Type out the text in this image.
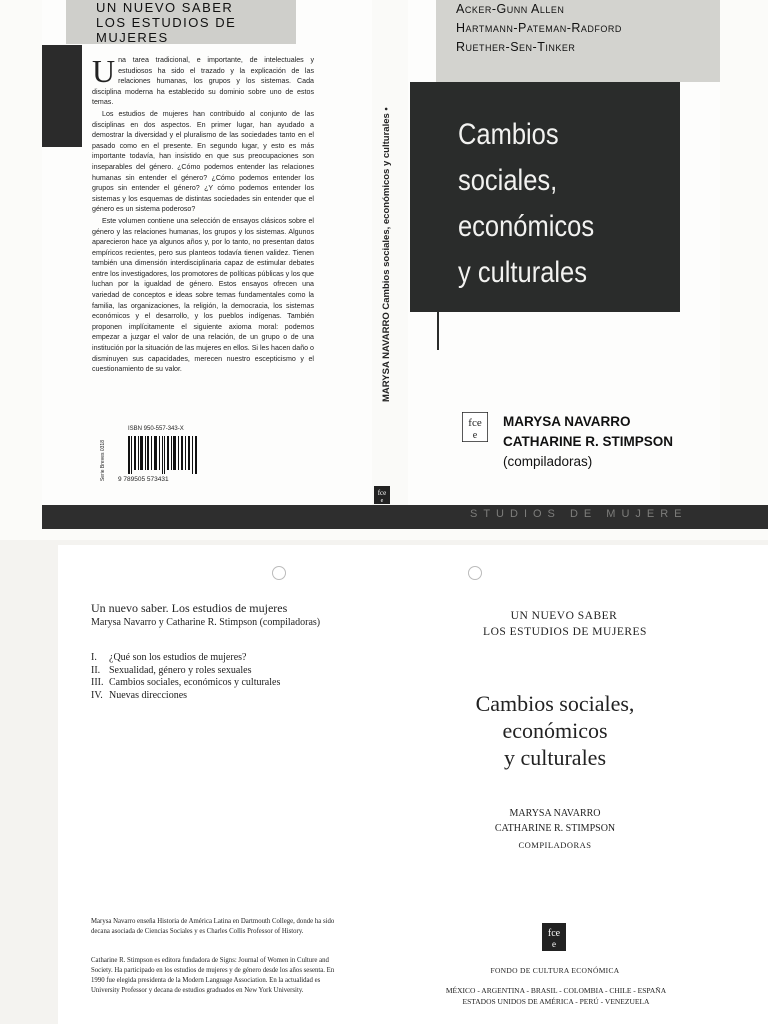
UN NUEVO SABER
LOS ESTUDIOS DE MUJERES
U na tarea tradicional, e importante, de intelectuales y estudiosos ha sido el trazado y la explicación de las relaciones humanas, los grupos y los sistemas. Cada disciplina moderna ha establecido su dominio sobre uno de estos temas.

Los estudios de mujeres han contribuido al conjunto de las disciplinas en dos aspectos. En primer lugar, han ayudado a demostrar la diversidad y el pluralismo de las sociedades tanto en el pasado como en el presente. En segundo lugar, y esto es más importante todavía, han insistido en que sus preocupaciones son inseparables del género. ¿Cómo podemos entender las relaciones humanas sin entender el género? ¿Cómo podemos entender los grupos sin entender el género? ¿Y cómo podemos entender los sistemas y los esquemas de distintas sociedades sin entender que el género es un sistema poderoso?

Este volumen contiene una selección de ensayos clásicos sobre el género y las relaciones humanas, los grupos y los sistemas. Algunos aparecieron hace ya algunos años y, por lo tanto, no presentan datos empíricos recientes, pero sus planteos todavía tienen validez. Tienen también una dimensión interdisciplinaria capaz de estimular debates entre los investigadores, los promotores de políticas públicas y los que luchan por la igualdad de género. Estos ensayos ofrecen una variedad de conceptos e ideas sobre temas fundamentales como la familia, las organizaciones, la religión, la democracia, los sistemas económicos y el desarrollo, y los pueblos indígenas. También proponen implícitamente el siguiente axioma moral: podemos empezar a juzgar el valor de una relación, de un grupo o de una institución por la situación de las mujeres en ellos. Si les hacen daño o disminuyen sus capacidades, merecen nuestro escepticismo y el cuestionamiento de su valor.

Serie Breves 0318
ISBN 950-557-343-X
9 789505 573431
MARYSA NAVARRO Cambios sociales, económicos y culturales •
fce
e
Acker-Gunn Allen
Hartmann-Pateman-Radford
Ruether-Sen-Tinker
Cambios
sociales,
económicos
y culturales
fce
e
MARYSA NAVARRO
CATHARINE R. STIMPSON
(compiladoras)
STUDIOS DE MUJERE
Un nuevo saber. Los estudios de mujeres
Marysa Navarro y Catharine R. Stimpson (compiladoras)
I. ¿Qué son los estudios de mujeres?
II. Sexualidad, género y roles sexuales
III. Cambios sociales, económicos y culturales
IV. Nuevas direcciones
Marysa Navarro enseña Historia de América Latina en Dartmouth College, donde ha sido decana asociada de Ciencias Sociales y es Charles Collis Professor of History.
Catharine R. Stimpson es editora fundadora de Signs: Journal of Women in Culture and Society. Ha participado en los estudios de mujeres y de género desde los años sesenta. En 1990 fue elegida presidenta de la Modern Language Association. En la actualidad es University Professor y decana de estudios graduados en New York University.
UN NUEVO SABER
LOS ESTUDIOS DE MUJERES
Cambios sociales,
económicos
y culturales
MARYSA NAVARRO
CATHARINE R. STIMPSON
COMPILADORAS
fce
e
FONDO DE CULTURA ECONÓMICA
MÉXICO - ARGENTINA - BRASIL - COLOMBIA - CHILE - ESPAÑA
ESTADOS UNIDOS DE AMÉRICA - PERÚ - VENEZUELA
